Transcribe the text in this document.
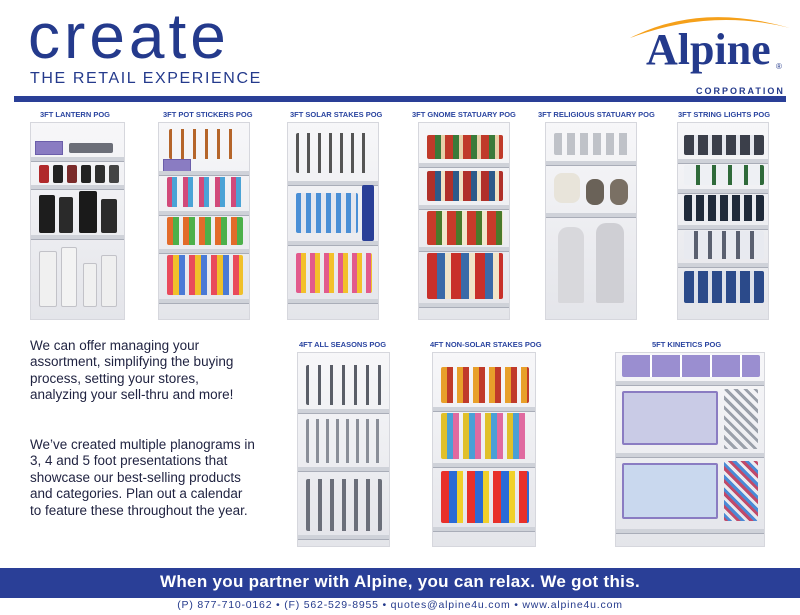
create
THE RETAIL EXPERIENCE
Alpine ®
CORPORATION
3FT LANTERN POG	3FT POT STICKERS POG	3FT SOLAR STAKES POG	3FT GNOME STATUARY POG	3FT RELIGIOUS STATUARY POG	3FT STRING LIGHTS POG
We can offer managing your assortment, simplifying the buying process, setting your stores, analyzing your sell-thru and more!
We’ve created multiple planograms in 3, 4 and 5 foot presentations that showcase our best-selling products and categories. Plan out a calendar to feature these throughout the year.
4FT ALL SEASONS POG	4FT NON-SOLAR STAKES POG	5FT KINETICS POG
When you partner with Alpine, you can relax. We got this.
(P) 877-710-0162 • (F) 562-529-8955 • quotes@alpine4u.com • www.alpine4u.com
